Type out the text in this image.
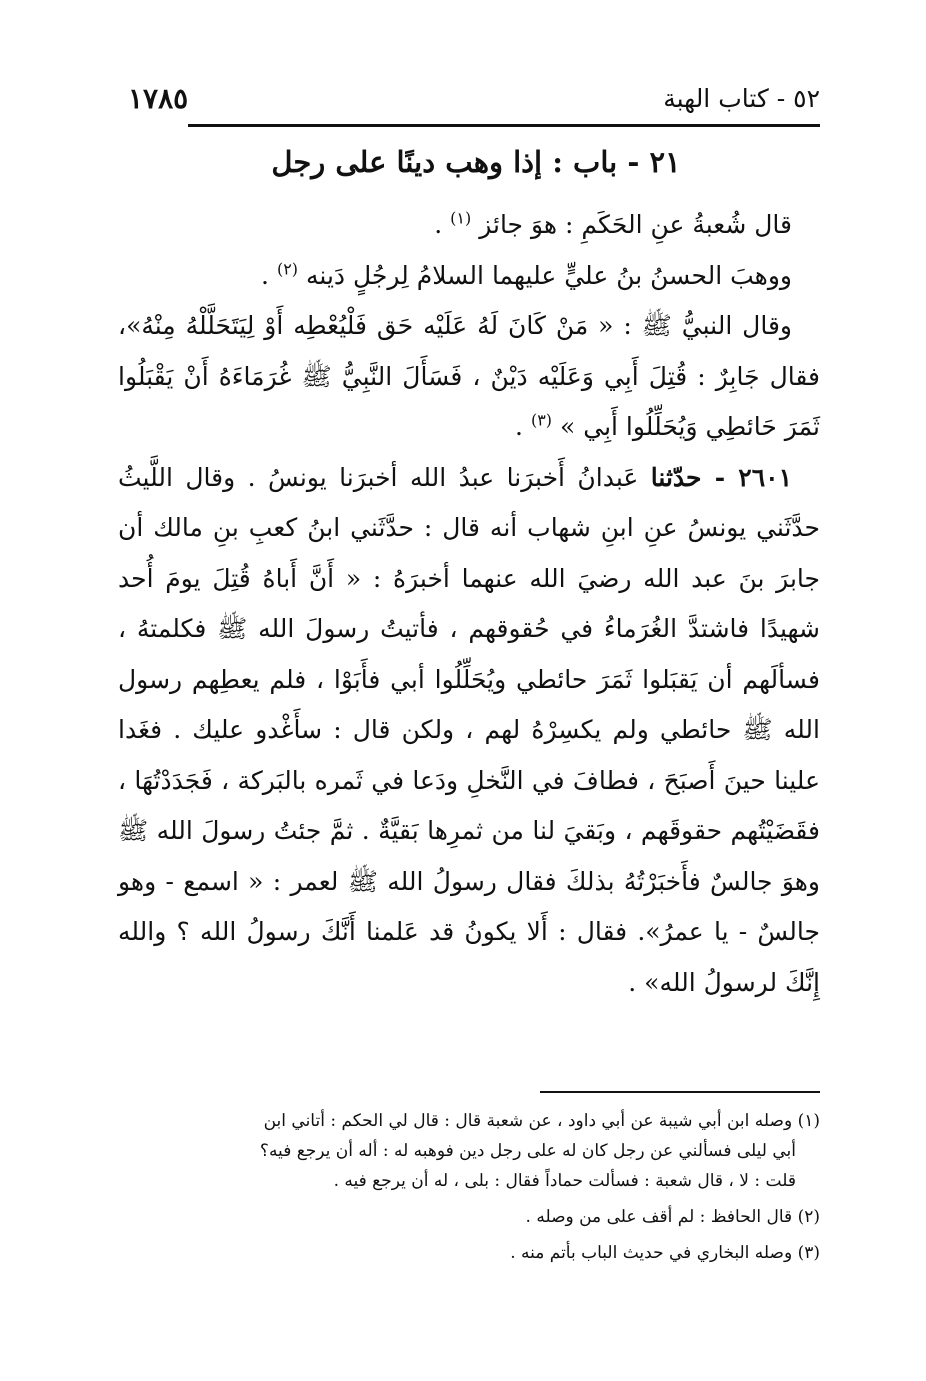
١٧٨٥	٥٢ - كتاب الهبة
٢١ - باب : إذا وهب دينًا على رجل

قال شُعبةُ عنِ الحَكَمِ : هوَ جائز $^{(١)}$ .

ووهبَ الحسنُ بنُ عليٍّ عليهما السلامُ لِرجُلٍ دَينه $^{(٢)}$ .

وقال النبيُّ ﷺ : « مَنْ كَانَ لَهُ عَلَيْه حَق فَلْيُعْطِه أَوْ لِيَتَحَلَّلْهُ مِنْهُ»، فقال جَابِرٌ : قُتِلَ أَبِي وَعَلَيْه دَيْنٌ ، فَسَأَلَ النَّبِيُّ ﷺ غُرَمَاءَهُ أَنْ يَقْبَلُوا ثَمَرَ حَائطِي وَيُحَلِّلُوا أَبِي » $^{(٣)}$ .

٢٦٠١ - حدّثنا عَبدانُ أَخبرَنا عبدُ الله أخبرَنا يونسُ . وقال اللَّيثُ حدَّثَني يونسُ عنِ ابنِ شهاب أنه قال : حدَّثَني ابنُ كعبِ بنِ مالك أن جابرَ بنَ عبد الله رضيَ الله عنهما أخبرَهُ : « أَنَّ أَباهُ قُتِلَ يومَ أُحد شهيدًا فاشتدَّ الغُرَماءُ في حُقوقهم ، فأتيتُ رسولَ الله ﷺ فكلمتهُ ، فسألَهم أن يَقبَلوا ثَمَرَ حائطي ويُحَلِّلُوا أبي فأَبَوْا ، فلم يعطِهم رسول الله ﷺ حائطي ولم يكسِرْهُ لهم ، ولكن قال : سأَغْدو عليك . فغَدا علينا حينَ أَصبَحَ ، فطافَ في النَّخلِ ودَعا في ثَمره بالبَركة ، فَجَدَدْتُهَا ، فقَضَيْتُهم حقوقَهم ، وبَقيَ لنا من ثمرِها بَقيَّةٌ . ثمَّ جئتُ رسولَ الله ﷺ وهوَ جالسٌ فأَخبَرْتُهُ بذلكَ فقال رسولُ الله ﷺ لعمر : « اسمع - وهو جالسٌ - يا عمرُ». فقال : أَلا يكونُ قد عَلمنا أَنَّكَ رسولُ الله ؟ والله إِنَّكَ لرسولُ الله» .

(١) وصله ابن أبي شيبة عن أبي داود ، عن شعبة قال : قال لي الحكم : أتاني ابن

أبي ليلى فسألني عن رجل كان له على رجل دين فوهبه له : أله أن يرجع فيه؟

قلت : لا ، قال شعبة : فسألت حماداً فقال : بلى ، له أن يرجع فيه .

(٢) قال الحافظ : لم أقف على من وصله .

(٣) وصله البخاري في حديث الباب بأتم منه .
